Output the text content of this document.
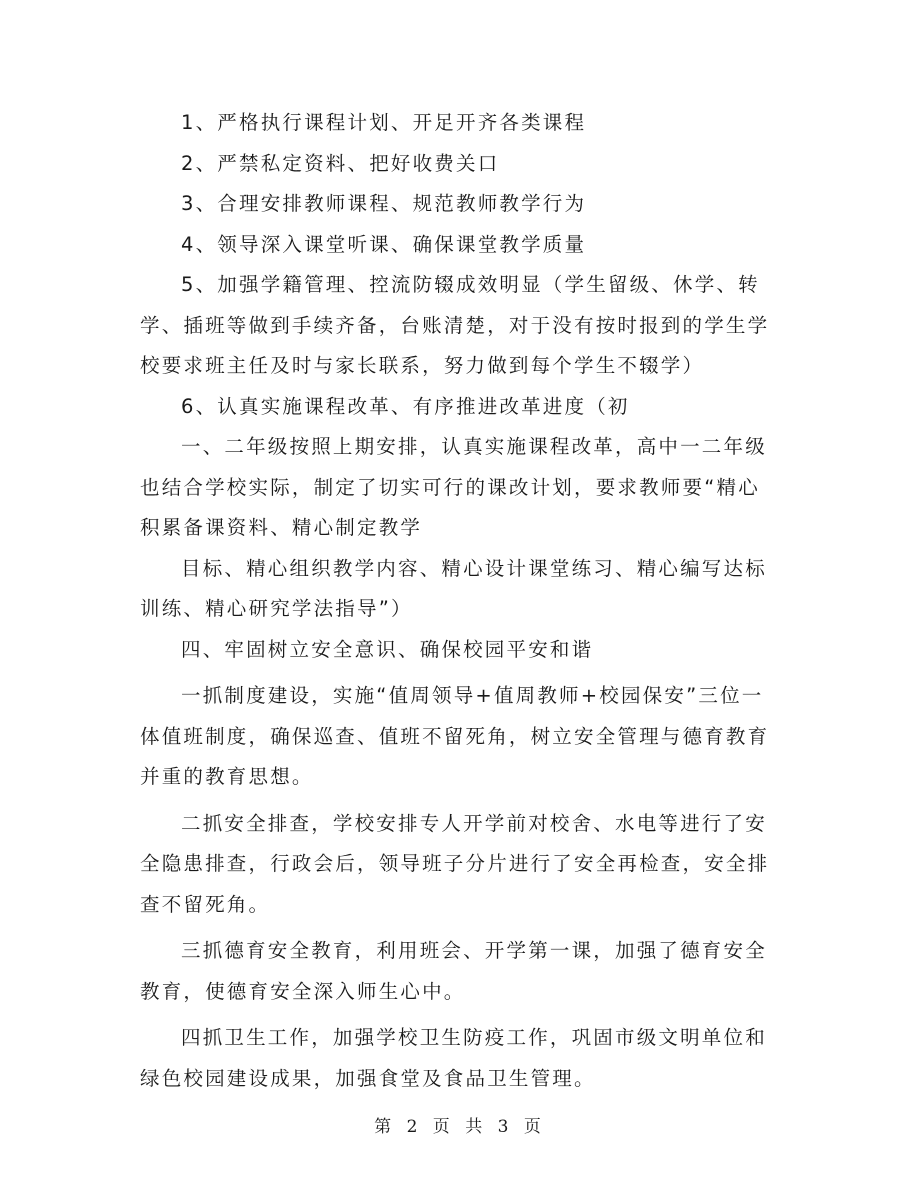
1、严格执行课程计划、开足开齐各类课程

2、严禁私定资料、把好收费关口

3、合理安排教师课程、规范教师教学行为

4、领导深入课堂听课、确保课堂教学质量

5、加强学籍管理、控流防辍成效明显（学生留级、休学、转学、插班等做到手续齐备，台账清楚，对于没有按时报到的学生学校要求班主任及时与家长联系，努力做到每个学生不辍学）

6、认真实施课程改革、有序推进改革进度（初

一、二年级按照上期安排，认真实施课程改革，高中一二年级也结合学校实际，制定了切实可行的课改计划，要求教师要“精心积累备课资料、精心制定教学

目标、精心组织教学内容、精心设计课堂练习、精心编写达标训练、精心研究学法指导”）

四、牢固树立安全意识、确保校园平安和谐

一抓制度建设，实施“值周领导+值周教师+校园保安”三位一体值班制度，确保巡查、值班不留死角，树立安全管理与德育教育并重的教育思想。

二抓安全排查，学校安排专人开学前对校舍、水电等进行了安全隐患排查，行政会后，领导班子分片进行了安全再检查，安全排查不留死角。

三抓德育安全教育，利用班会、开学第一课，加强了德育安全教育，使德育安全深入师生心中。

四抓卫生工作，加强学校卫生防疫工作，巩固市级文明单位和绿色校园建设成果，加强食堂及食品卫生管理。

第 2 页 共 3 页
